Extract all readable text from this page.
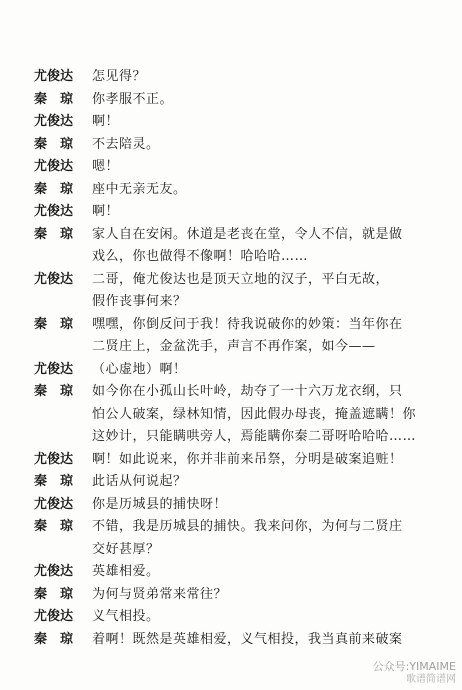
尤俊达	怎见得？
秦　琼	你孝服不正。
尤俊达	啊！
秦　琼	不去陪灵。
尤俊达	嗯！
秦　琼	座中无亲无友。
尤俊达	啊！
秦　琼	家人自在安闲。休道是老丧在堂，令人不信，就是做
戏么，你也做得不像啊！哈哈哈……
尤俊达	二哥，俺尤俊达也是顶天立地的汉子，平白无故，
假作丧事何来？
秦　琼	嘿嘿，你倒反问于我！待我说破你的妙策：当年你在
二贤庄上，金盆洗手，声言不再作案，如今——
尤俊达	（心虚地）啊！
秦　琼	如今你在小孤山长叶岭，劫夺了一十六万龙衣纲，只
怕公人破案，绿林知情，因此假办母丧，掩盖遮瞒！你
这妙计，只能瞒哄旁人，焉能瞒你秦二哥呀哈哈哈……
尤俊达	啊！如此说来，你并非前来吊祭，分明是破案追赃！
秦　琼	此话从何说起？
尤俊达	你是历城县的捕快呀！
秦　琼	不错，我是历城县的捕快。我来问你，为何与二贤庄
交好甚厚？
尤俊达	英雄相爱。
秦　琼	为何与贤弟常来常往？
尤俊达	义气相投。
秦　琼	着啊！既然是英雄相爱，义气相投，我当真前来破案
公众号:YIMAIME
歌谱简谱网
